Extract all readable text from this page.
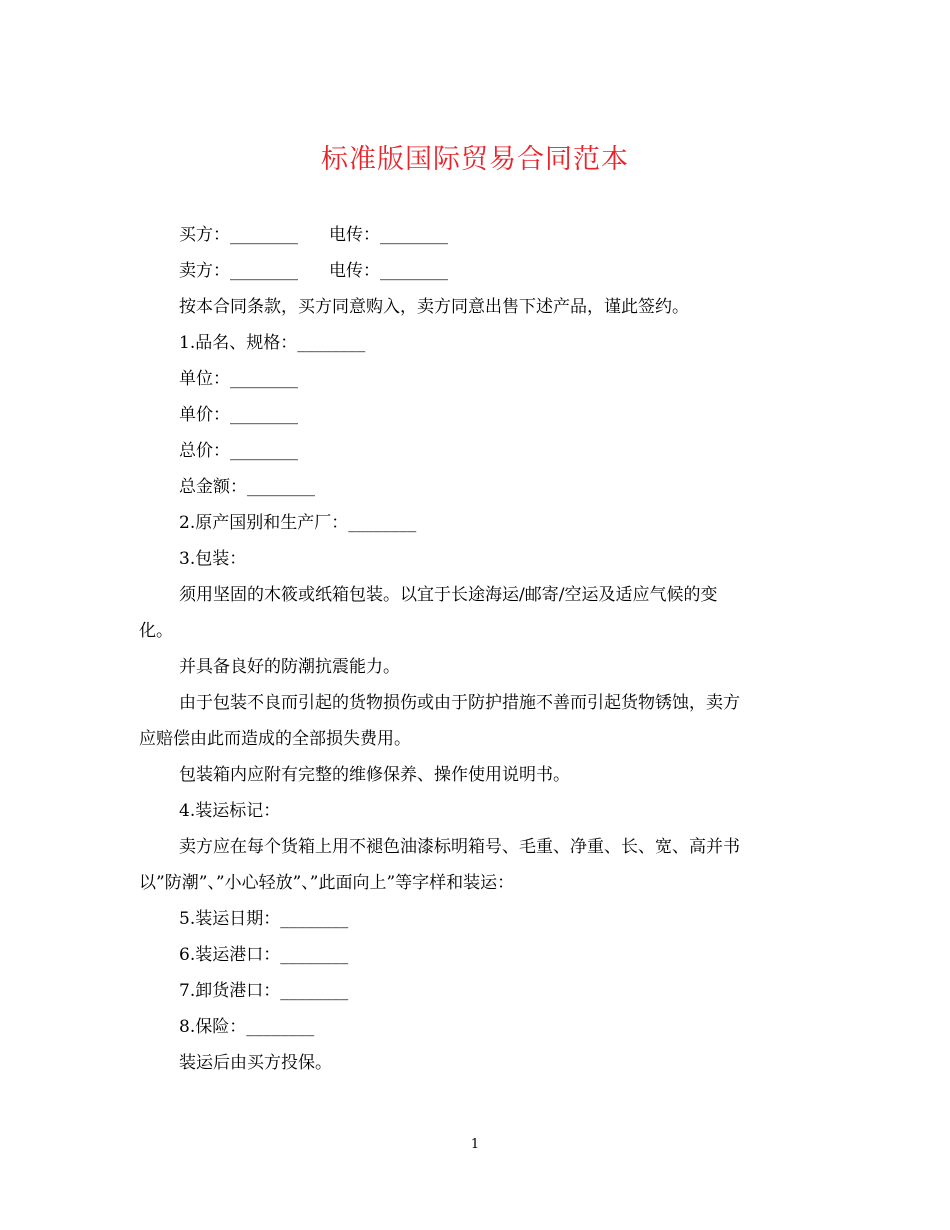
标准版国际贸易合同范本
买方：________ 电传：________
卖方：________ 电传：________
按本合同条款，买方同意购入，卖方同意出售下述产品，谨此签约。
1.品名、规格：________
单位：________
单价：________
总价：________
总金额：________
2.原产国别和生产厂：________
3.包装：
须用坚固的木筱或纸箱包装。以宜于长途海运/邮寄/空运及适应气候的变
化。
并具备良好的防潮抗震能力。
由于包装不良而引起的货物损伤或由于防护措施不善而引起货物锈蚀，卖方
应赔偿由此而造成的全部损失费用。
包装箱内应附有完整的维修保养、操作使用说明书。
4.装运标记：
卖方应在每个货箱上用不褪色油漆标明箱号、毛重、净重、长、宽、高并书
以”防潮”、”小心轻放”、”此面向上”等字样和装运：
5.装运日期：________
6.装运港口：________
7.卸货港口：________
8.保险：________
装运后由买方投保。
1
